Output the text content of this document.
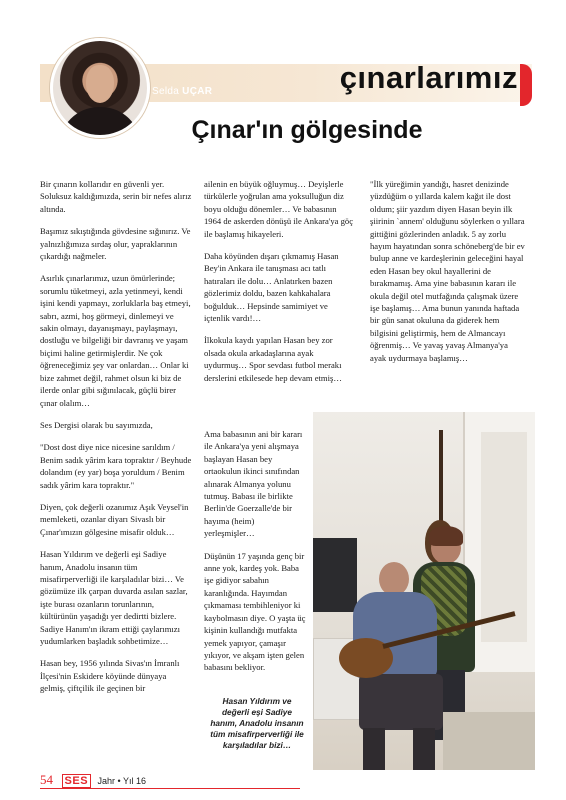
Selda UÇAR	çınarlarımız
Çınar'ın gölgesinde

Bir çınarın kollarıdır en güvenli yer. Soluksuz kaldığımızda, serin bir nefes alırız altında.

Başımız sıkıştığında gövdesine sığınırız. Ve yalnızlığımıza sırdaş olur, yapraklarının çıkardığı nağmeler.

Asırlık çınarlarımız, uzun ömürlerinde; sorumlu tüketmeyi, azla yetinmeyi, kendi işini kendi yapmayı, zorluklarla baş etmeyi, sabrı, azmi, hoş görmeyi, dinlemeyi ve sakin olmayı, dayanışmayı, paylaşmayı, dostluğu ve bilgeliği bir davranış ve yaşam biçimi haline getirmişlerdir. Ne çok öğreneceğimiz şey var onlardan… Onlar ki bize zahmet değil, rahmet olsun ki biz de ilerde onlar gibi sığınılacak, güçlü birer çınar olalım…

Ses Dergisi olarak bu sayımızda,

"Dost dost diye nice nicesine sarıldım / Benim sadık yârim kara topraktır / Beyhude dolandım (ey yar) boşa yoruldum / Benim sadık yârim kara topraktır."

Diyen, çok değerli ozanımız Aşık Veysel'in memleketi, ozanlar diyarı Sivaslı bir Çınar'ımızın gölgesine misafir olduk…

Hasan Yıldırım ve değerli eşi Sadiye hanım, Anadolu insanın tüm misafirperverliği ile karşıladılar bizi… Ve gözümüze ilk çarpan duvarda asılan sazlar, işte burası ozanların torunlarının, kültürünün yaşadığı yer dedirtti bizlere. Sadiye Hanım'ın ikram ettiği çaylarımızı yudumlarken başladık sohbetimize…

Hasan bey, 1956 yılında Sivas'ın İmranlı İlçesi'nin Eskidere köyünde dünyaya gelmiş, çiftçilik ile geçinen bir

ailenin en büyük oğluymuş… Deyişlerle türkülerle yoğrulan ama yoksulluğun diz boyu olduğu dönemler… Ve babasının 1964 de askerden dönüşü ile Ankara'ya göç ile başlamış hikayeleri.

Daha köyünden dışarı çıkmamış Hasan Bey'in Ankara ile tanışması acı tatlı hatıraları ile dolu… Anlatırken bazen gözlerimiz doldu, bazen kahkahalara boğulduk… Hepsinde samimiyet ve içtenlik vardı!…

İlkokula kaydı yapılan Hasan bey zor olsada okula arkadaşlarına ayak uydurmuş… Spor sevdası futbol merakı derslerini etkilesede hep devam etmiş…

Ama babasının ani bir kararı ile Ankara'ya yeni alışmaya başlayan Hasan bey ortaokulun ikinci sınıfından alınarak Almanya yolunu tutmuş. Babası ile birlikte Berlin'de Goerzalle'de bir hayıma (heim) yerleşmişler…

Düşünün 17 yaşında genç bir anne yok, kardeş yok. Baba işe gidiyor sabahın karanlığında. Hayımdan çıkmaması tembihleniyor ki kaybolmasın diye. O yaşta üç kişinin kullandığı mutfakta yemek yapıyor, çamaşır yıkıyor, ve akşam işten gelen babasını bekliyor.

"İlk yüreğimin yandığı, hasret denizinde yüzdüğüm o yıllarda kalem kağıt ile dost oldum; şiir yazdım diyen Hasan beyin ilk şiirinin `annem' olduğunu söylerken o yıllara gittiğini gözlerinden anladık. 5 ay zorlu hayım hayatından sonra schöneberg'de bir ev bulup anne ve kardeşlerinin geleceğini hayal eden Hasan bey okul hayallerini de bırakmamış. Ama yine babasının kararı ile okula değil otel mutfağında çalışmak üzere işe başlamış… Ama bunun yanında haftada bir gün sanat okuluna da giderek hem bilgisini geliştirmiş, hem de Almancayı öğrenmiş… Ve yavaş yavaş Almanya'ya ayak uydurmaya başlamış…

Hasan Yıldırım ve değerli eşi Sadiye hanım, Anadolu insanın tüm misafirperverliği ile karşıladılar bizi…
54 SES Jahr • Yıl 16
